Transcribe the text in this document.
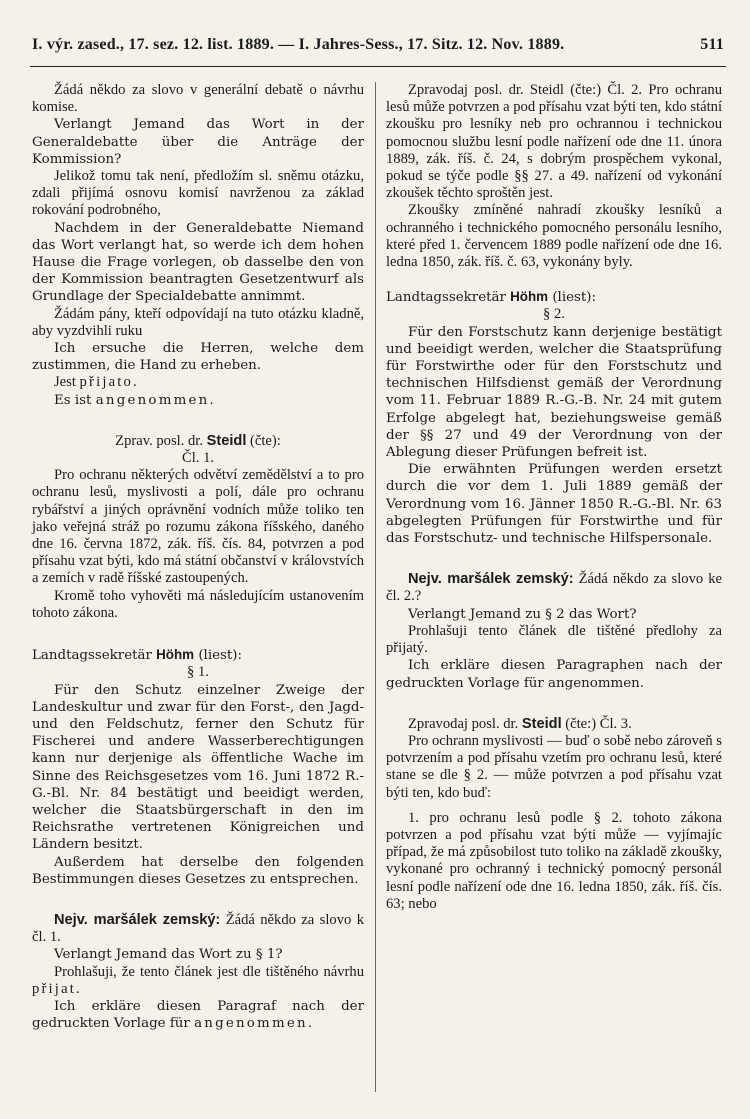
I. výr. zased., 17. sez. 12. list. 1889. — I. Jahres-Sess., 17. Sitz. 12. Nov. 1889.	511

Žádá někdo za slovo v generální debatě o návrhu komise.

Verlangt Jemand das Wort in der Generaldebatte über die Anträge der Kommission?

Jelikož tomu tak není, předložím sl. sněmu otázku, zdali přijímá osnovu komisí navrženou za základ rokování podrobného,

Nachdem in der Generaldebatte Niemand das Wort verlangt hat, so werde ich dem hohen Hause die Frage vorlegen, ob dasselbe den von der Kommission beantragten Gesetzentwurf als Grundlage der Specialdebatte annimmt.

Žádám pány, kteří odpovídají na tuto otázku kladně, aby vyzdvihli ruku

Ich ersuche die Herren, welche dem zustimmen, die Hand zu erheben.

Jest přijato.

Es ist angenommen.

Zprav. posl. dr. Steidl (čte):

Čl. 1.

Pro ochranu některých odvětví zemědělství a to pro ochranu lesů, myslivosti a polí, dále pro ochranu rybářství a jiných oprávnění vodních může toliko ten jako veřejná stráž po rozumu zákona říšského, daného dne 16. června 1872, zák. říš. čís. 84, potvrzen a pod přísahu vzat býti, kdo má státní občanství v královstvích a zemích v radě říšské zastoupených.

Kromě toho vyhověti má následujícím ustanovením tohoto zákona.

Landtagssekretär Höhm (liest):

§ 1.

Für den Schutz einzelner Zweige der Landeskultur und zwar für den Forst-, den Jagd- und den Feldschutz, ferner den Schutz für Fischerei und andere Wasserberechtigungen kann nur derjenige als öffentliche Wache im Sinne des Reichsgesetzes vom 16. Juni 1872 R.-G.-Bl. Nr. 84 bestätigt und beeidigt werden, welcher die Staatsbürgerschaft in den im Reichsrathe vertretenen Königreichen und Ländern besitzt.

Außerdem hat derselbe den folgenden Bestimmungen dieses Gesetzes zu entsprechen.

Nejv. maršálek zemský: Žádá někdo za slovo k čl. 1.

Verlangt Jemand das Wort zu § 1?

Prohlašuji, že tento článek jest dle tištěného návrhu přijat.

Ich erkläre diesen Paragraf nach der gedruckten Vorlage für angenommen.

Zpravodaj posl. dr. Steidl (čte:) Čl. 2. Pro ochranu lesů může potvrzen a pod přísahu vzat býti ten, kdo státní zkoušku pro lesníky neb pro ochrannou i technickou pomocnou službu lesní podle nařízení ode dne 11. února 1889, zák. říš. č. 24, s dobrým prospěchem vykonal, pokud se týče podle §§ 27. a 49. nařízení od vykonání zkoušek těchto sproštěn jest.

Zkoušky zmíněné nahradí zkoušky lesníků a ochranného i technického pomocného personálu lesního, které před 1. červencem 1889 podle nařízení ode dne 16. ledna 1850, zák. říš. č. 63, vykonány byly.

Landtagssekretär Höhm (liest):

§ 2.

Für den Forstschutz kann derjenige bestätigt und beeidigt werden, welcher die Staatsprüfung für Forstwirthe oder für den Forstschutz und technischen Hilfsdienst gemäß der Verordnung vom 11. Februar 1889 R.-G.-B. Nr. 24 mit gutem Erfolge abgelegt hat, beziehungsweise gemäß der §§ 27 und 49 der Verordnung von der Ablegung dieser Prüfungen befreit ist.

Die erwähnten Prüfungen werden ersetzt durch die vor dem 1. Juli 1889 gemäß der Verordnung vom 16. Jänner 1850 R.-G.-Bl. Nr. 63 abgelegten Prüfungen für Forstwirthe und für das Forstschutz- und technische Hilfspersonale.

Nejv. maršálek zemský: Žádá někdo za slovo ke čl. 2.?

Verlangt Jemand zu § 2 das Wort?

Prohlašuji tento článek dle tištěné předlohy za přijatý.

Ich erkläre diesen Paragraphen nach der gedruckten Vorlage für angenommen.

Zpravodaj posl. dr. Steidl (čte:) Čl. 3.

Pro ochrann myslivosti — buď o sobě nebo zároveň s potvrzením a pod přísahu vzetím pro ochranu lesů, které stane se dle § 2. — může potvrzen a pod přísahu vzat býti ten, kdo buď:

1. pro ochranu lesů podle § 2. tohoto zákona potvrzen a pod přísahu vzat býti může — vyjímajíc případ, že má způsobilost tuto toliko na základě zkoušky, vykonané pro ochranný i technický pomocný personál lesní podle nařízení ode dne 16. ledna 1850, zák. říš. čís. 63; nebo
